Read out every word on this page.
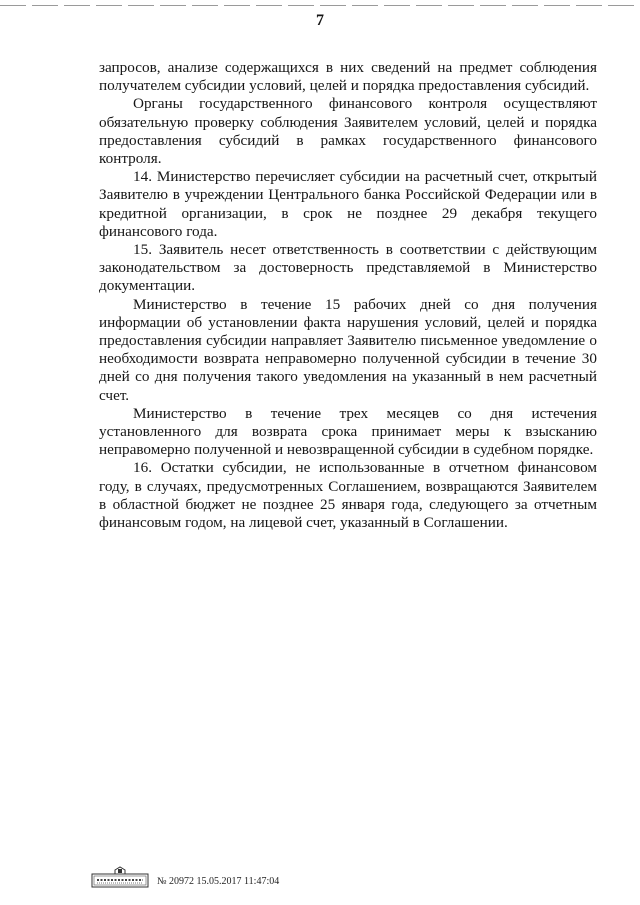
7

запросов, анализе содержащихся в них сведений на предмет соблюдения получателем субсидии условий, целей и порядка предоставления субсидий.

Органы государственного финансового контроля осуществляют обязательную проверку соблюдения Заявителем условий, целей и порядка предоставления субсидий в рамках государственного финансового контроля.

14. Министерство перечисляет субсидии на расчетный счет, открытый Заявителю в учреждении Центрального банка Российской Федерации или в кредитной организации, в срок не позднее 29 декабря текущего финансового года.

15. Заявитель несет ответственность в соответствии с действующим законодательством за достоверность представляемой в Министерство документации.

Министерство в течение 15 рабочих дней со дня получения информации об установлении факта нарушения условий, целей и порядка предоставления субсидии направляет Заявителю письменное уведомление о необходимости возврата неправомерно полученной субсидии в течение 30 дней со дня получения такого уведомления на указанный в нем расчетный счет.

Министерство в течение трех месяцев со дня истечения установленного для возврата срока принимает меры к взысканию неправомерно полученной и невозвращенной субсидии в судебном порядке.

16. Остатки субсидии, не использованные в отчетном финансовом году, в случаях, предусмотренных Соглашением, возвращаются Заявителем в областной бюджет не позднее 25 января года, следующего за отчетным финансовым годом, на лицевой счет, указанный в Соглашении.

№ 20972 15.05.2017 11:47:04
